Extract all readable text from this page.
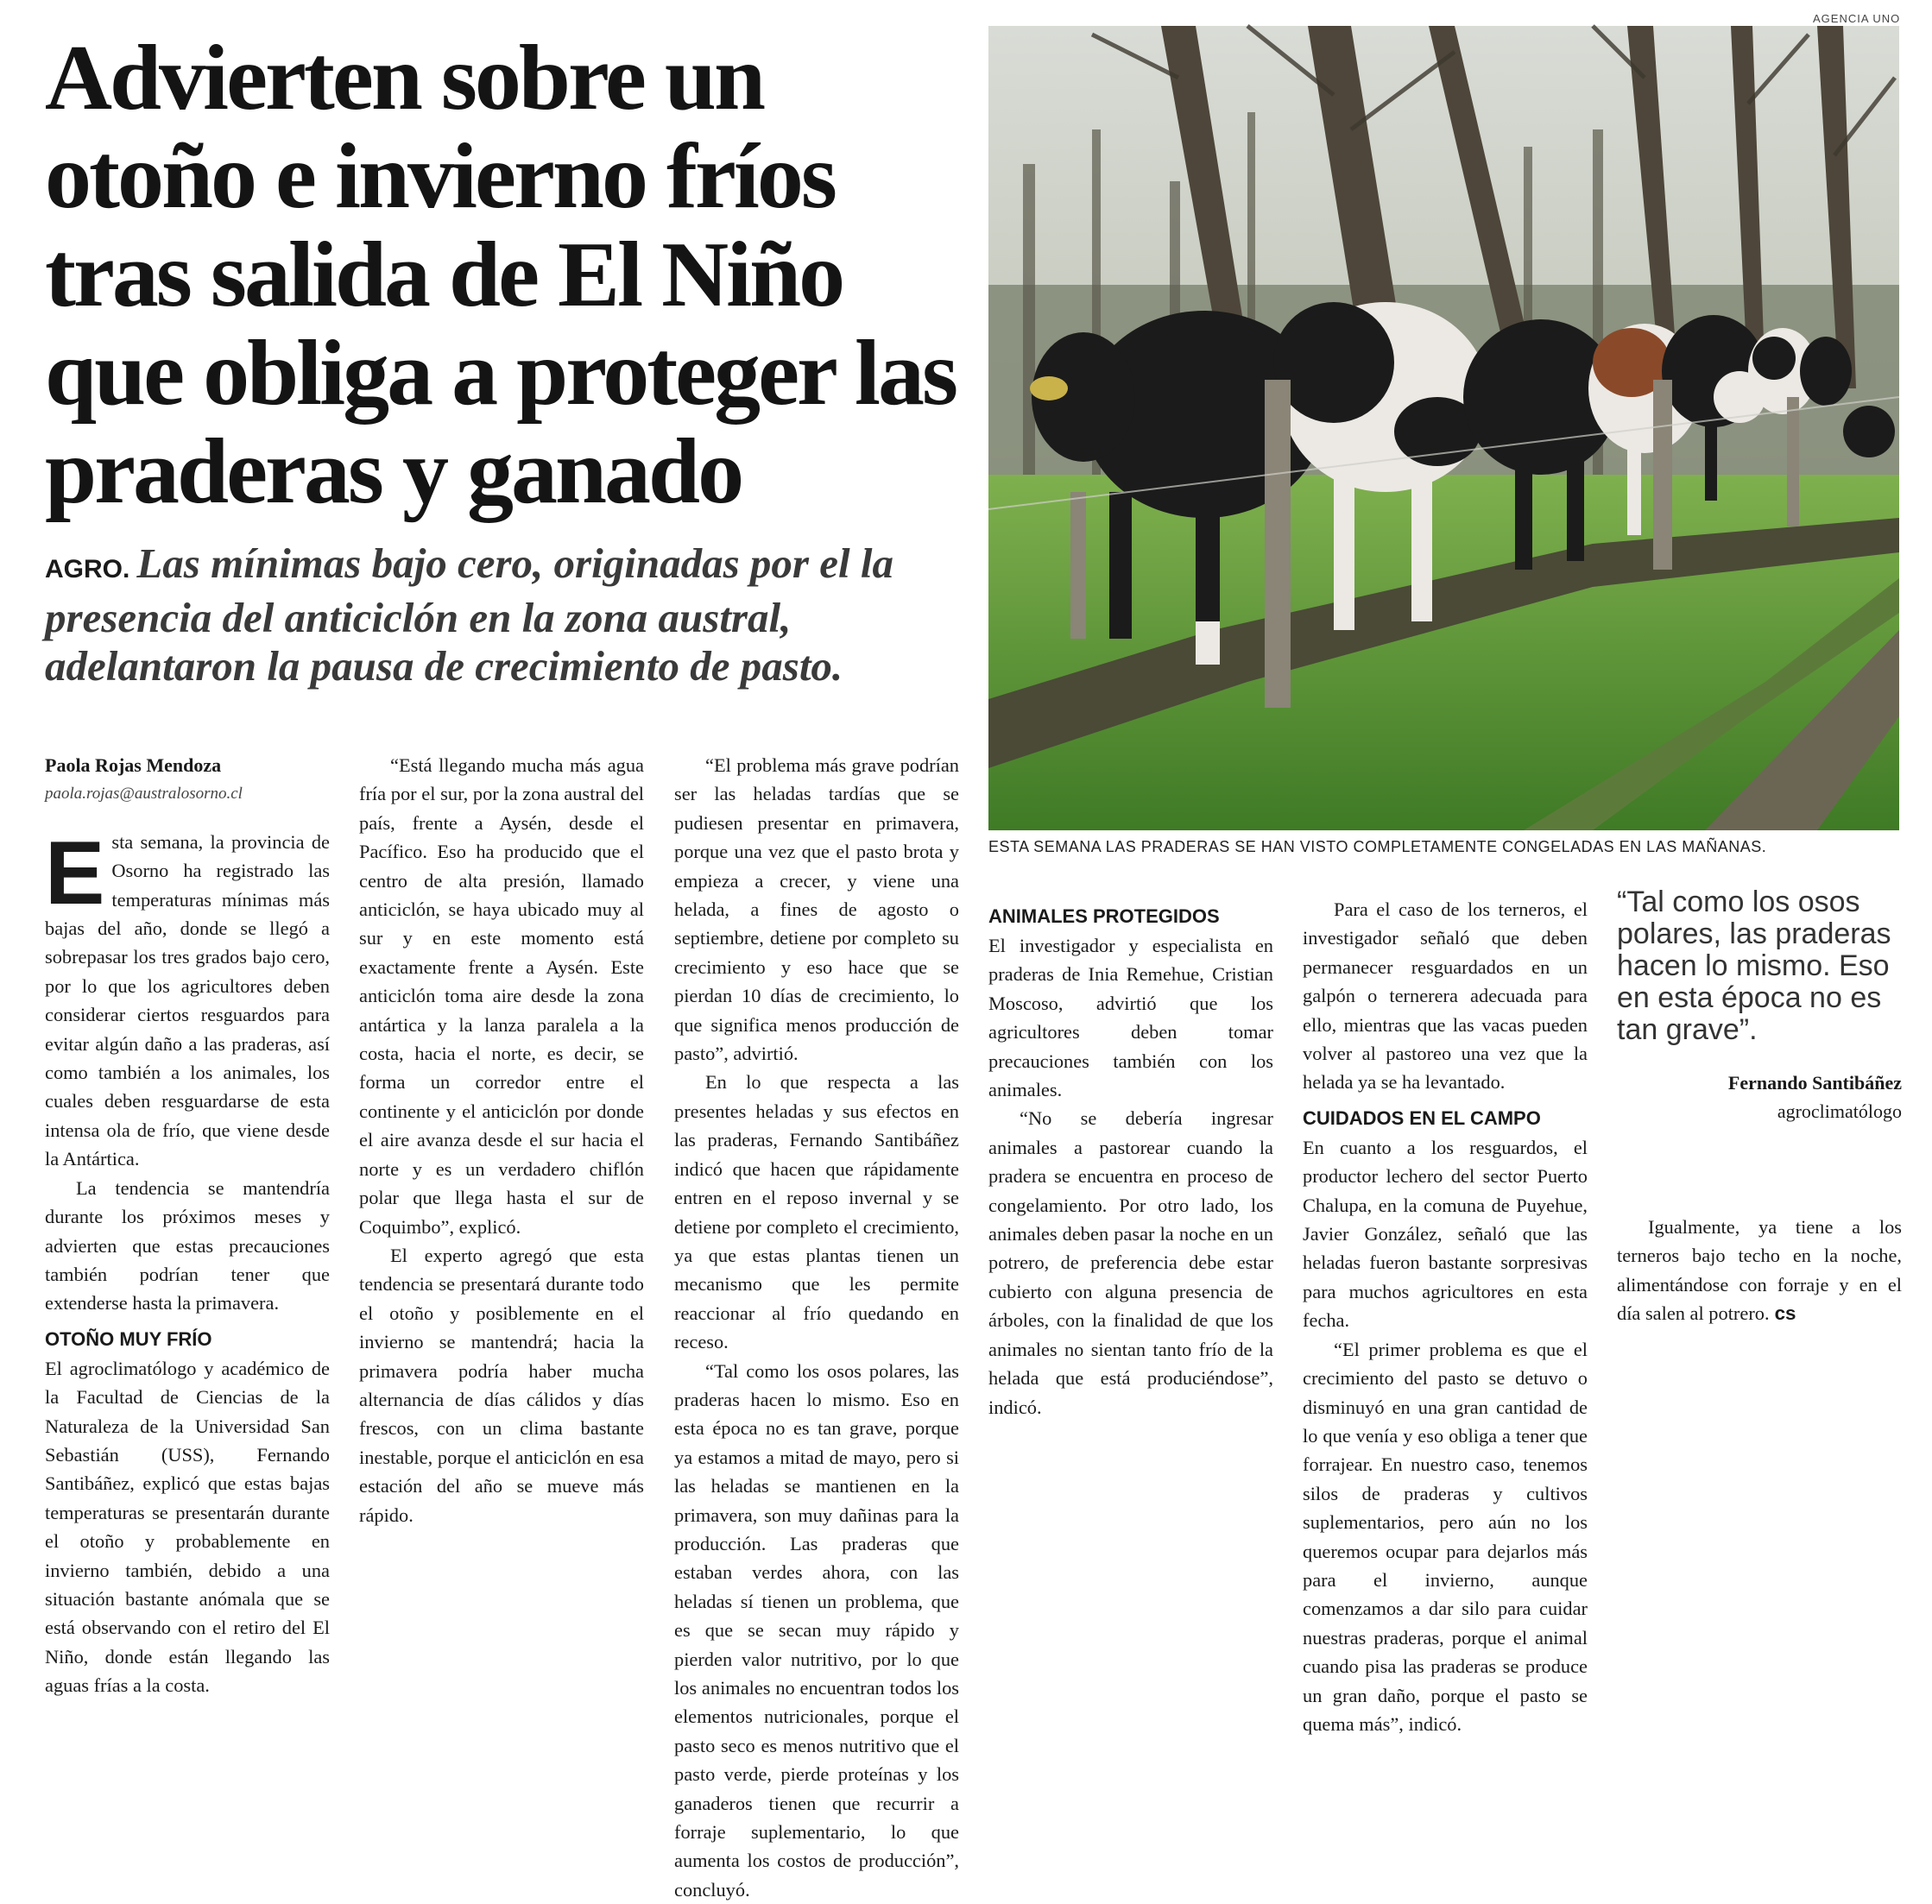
Advierten sobre un otoño e invierno fríos tras salida de El Niño que obliga a proteger las praderas y ganado
AGRO. Las mínimas bajo cero, originadas por el la presencia del anticiclón en la zona austral, adelantaron la pausa de crecimiento de pasto.
AGENCIA UNO
ESTA SEMANA LAS PRADERAS SE HAN VISTO COMPLETAMENTE CONGELADAS EN LAS MAÑANAS.
Paola Rojas Mendoza
paola.rojas@australosorno.cl

Esta semana, la provincia de Osorno ha registrado las temperaturas mínimas más bajas del año, donde se llegó a sobrepasar los tres grados bajo cero, por lo que los agricultores deben considerar ciertos resguardos para evitar algún daño a las praderas, así como también a los animales, los cuales deben resguardarse de esta intensa ola de frío, que viene desde la Antártica.

La tendencia se mantendría durante los próximos meses y advierten que estas precauciones también podrían tener que extenderse hasta la primavera.

OTOÑO MUY FRÍO

El agroclimatólogo y académico de la Facultad de Ciencias de la Naturaleza de la Universidad San Sebastián (USS), Fernando Santibáñez, explicó que estas bajas temperaturas se presentarán durante el otoño y probablemente en invierno también, debido a una situación bastante anómala que se está observando con el retiro del El Niño, donde están llegando las aguas frías a la costa.

“Está llegando mucha más agua fría por el sur, por la zona austral del país, frente a Aysén, desde el Pacífico. Eso ha producido que el centro de alta presión, llamado anticiclón, se haya ubicado muy al sur y en este momento está exactamente frente a Aysén. Este anticiclón toma aire desde la zona antártica y la lanza paralela a la costa, hacia el norte, es decir, se forma un corredor entre el continente y el anticiclón por donde el aire avanza desde el sur hacia el norte y es un verdadero chiflón polar que llega hasta el sur de Coquimbo”, explicó.

El experto agregó que esta tendencia se presentará durante todo el otoño y posiblemente en el invierno se mantendrá; hacia la primavera podría haber mucha alternancia de días cálidos y días frescos, con un clima bastante inestable, porque el anticiclón en esa estación del año se mueve más rápido.

“El problema más grave podrían ser las heladas tardías que se pudiesen presentar en primavera, porque una vez que el pasto brota y empieza a crecer, y viene una helada, a fines de agosto o septiembre, detiene por completo su crecimiento y eso hace que se pierdan 10 días de crecimiento, lo que significa menos producción de pasto”, advirtió.

En lo que respecta a las presentes heladas y sus efectos en las praderas, Fernando Santibáñez indicó que hacen que rápidamente entren en el reposo invernal y se detiene por completo el crecimiento, ya que estas plantas tienen un mecanismo que les permite reaccionar al frío quedando en receso.

“Tal como los osos polares, las praderas hacen lo mismo. Eso en esta época no es tan grave, porque ya estamos a mitad de mayo, pero si las heladas se mantienen en la primavera, son muy dañinas para la producción. Las praderas que estaban verdes ahora, con las heladas sí tienen un problema, que es que se secan muy rápido y pierden valor nutritivo, por lo que los animales no encuentran todos los elementos nutricionales, porque el pasto seco es menos nutritivo que el pasto verde, pierde proteínas y los ganaderos tienen que recurrir a forraje suplementario, lo que aumenta los costos de producción”, concluyó.

ANIMALES PROTEGIDOS

El investigador y especialista en praderas de Inia Remehue, Cristian Moscoso, advirtió que los agricultores deben tomar precauciones también con los animales.

“No se debería ingresar animales a pastorear cuando la pradera se encuentra en proceso de congelamiento. Por otro lado, los animales deben pasar la noche en un potrero, de preferencia debe estar cubierto con alguna presencia de árboles, con la finalidad de que los animales no sientan tanto frío de la helada que está produciéndose”, indicó.

Para el caso de los terneros, el investigador señaló que deben permanecer resguardados en un galpón o ternerera adecuada para ello, mientras que las vacas pueden volver al pastoreo una vez que la helada ya se ha levantado.

CUIDADOS EN EL CAMPO

En cuanto a los resguardos, el productor lechero del sector Puerto Chalupa, en la comuna de Puyehue, Javier González, señaló que las heladas fueron bastante sorpresivas para muchos agricultores en esta fecha.

“El primer problema es que el crecimiento del pasto se detuvo o disminuyó en una gran cantidad de lo que venía y eso obliga a tener que forrajear. En nuestro caso, tenemos silos de praderas y cultivos suplementarios, pero aún no los queremos ocupar para dejarlos más para el invierno, aunque comenzamos a dar silo para cuidar nuestras praderas, porque el animal cuando pisa las praderas se produce un gran daño, porque el pasto se quema más”, indicó.

“Tal como los osos polares, las praderas hacen lo mismo. Eso en esta época no es tan grave”.
Fernando Santibáñez
agroclimatólogo

Igualmente, ya tiene a los terneros bajo techo en la noche, alimentándose con forraje y en el día salen al potrero. cs
